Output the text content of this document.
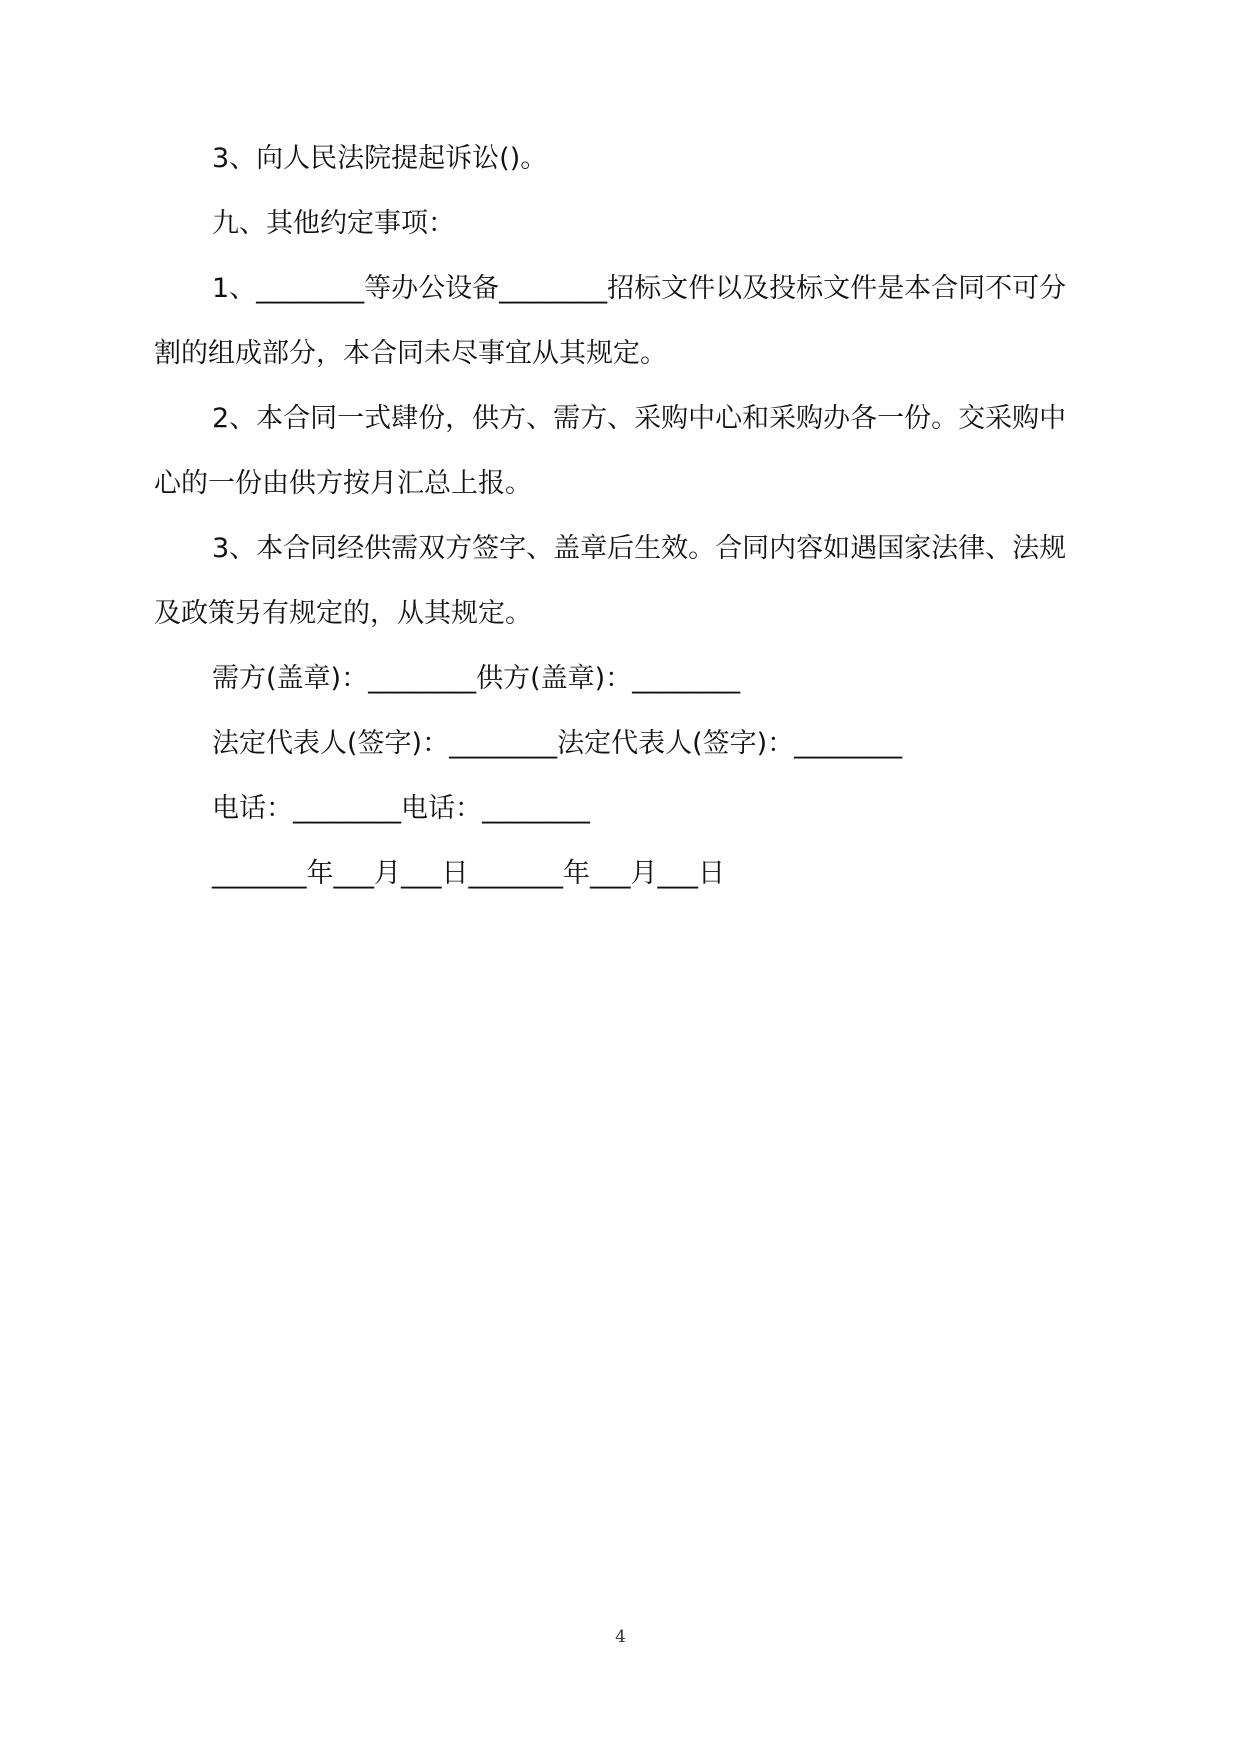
3、向人民法院提起诉讼()。

九、其他约定事项：

1、________等办公设备________招标文件以及投标文件是本合同不可分割的组成部分，本合同未尽事宜从其规定。

2、本合同一式肆份，供方、需方、采购中心和采购办各一份。交采购中心的一份由供方按月汇总上报。

3、本合同经供需双方签字、盖章后生效。合同内容如遇国家法律、法规及政策另有规定的，从其规定。

需方(盖章)：________供方(盖章)：________

法定代表人(签字)：________法定代表人(签字)：________

电话：________电话：________

_______年___月___日_______年___月___日

4
